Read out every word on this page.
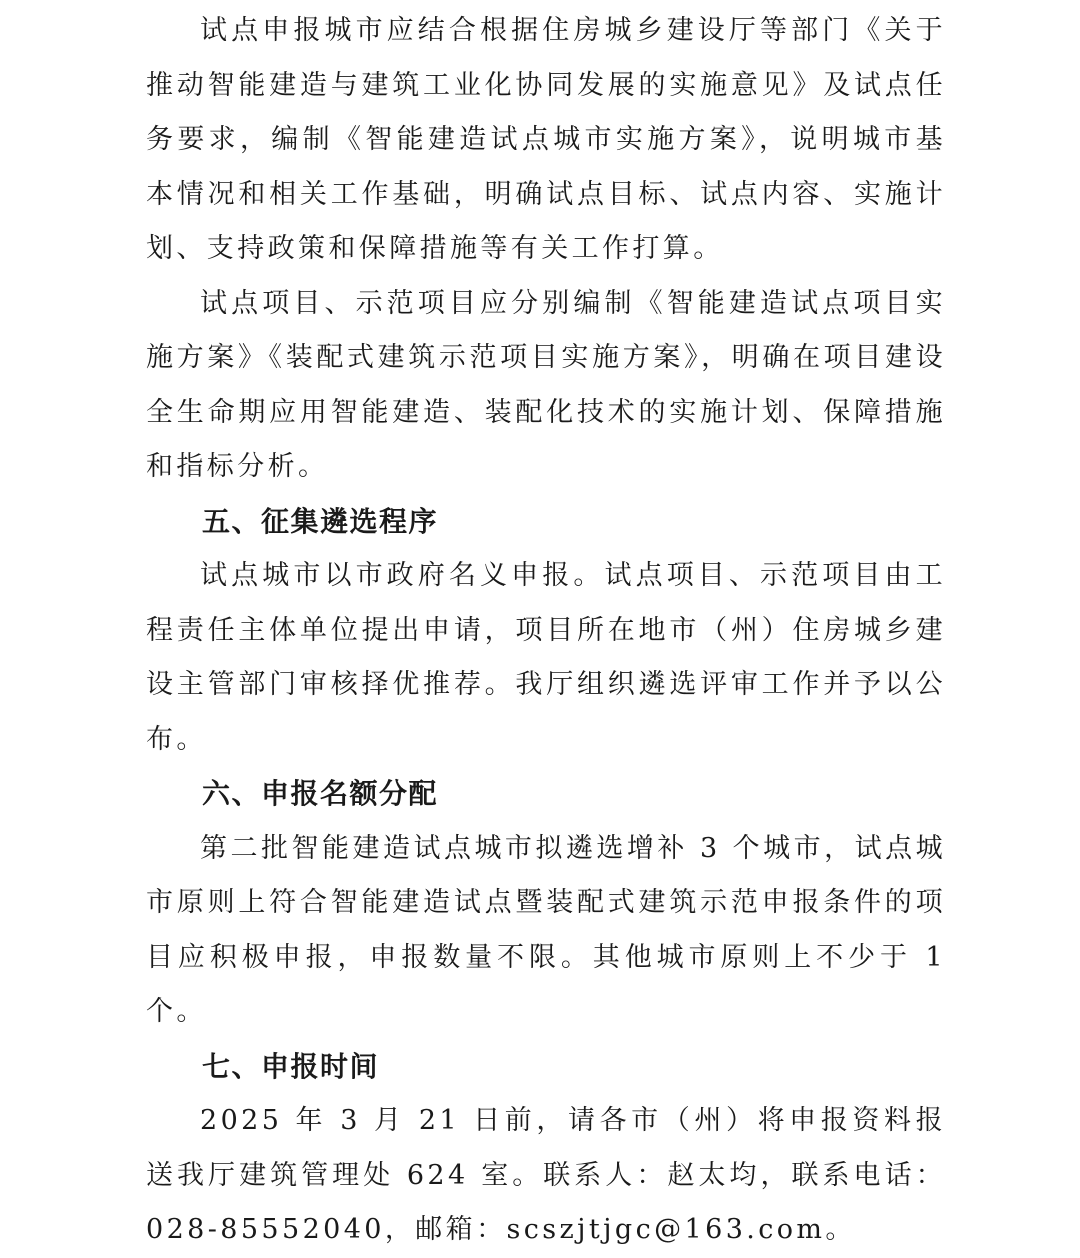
试点申报城市应结合根据住房城乡建设厅等部门《关于推动智能建造与建筑工业化协同发展的实施意见》及试点任务要求，编制《智能建造试点城市实施方案》，说明城市基本情况和相关工作基础，明确试点目标、试点内容、实施计划、支持政策和保障措施等有关工作打算。

试点项目、示范项目应分别编制《智能建造试点项目实施方案》《装配式建筑示范项目实施方案》，明确在项目建设全生命期应用智能建造、装配化技术的实施计划、保障措施和指标分析。

五、征集遴选程序

试点城市以市政府名义申报。试点项目、示范项目由工程责任主体单位提出申请，项目所在地市（州）住房城乡建设主管部门审核择优推荐。我厅组织遴选评审工作并予以公布。

六、申报名额分配

第二批智能建造试点城市拟遴选增补 3 个城市，试点城市原则上符合智能建造试点暨装配式建筑示范申报条件的项目应积极申报，申报数量不限。其他城市原则上不少于 1 个。

七、申报时间

2025 年 3 月 21 日前，请各市（州）将申报资料报送我厅建筑管理处 624 室。联系人：赵太均，联系电话：028-85552040，邮箱：scszjtjgc@163.com。
